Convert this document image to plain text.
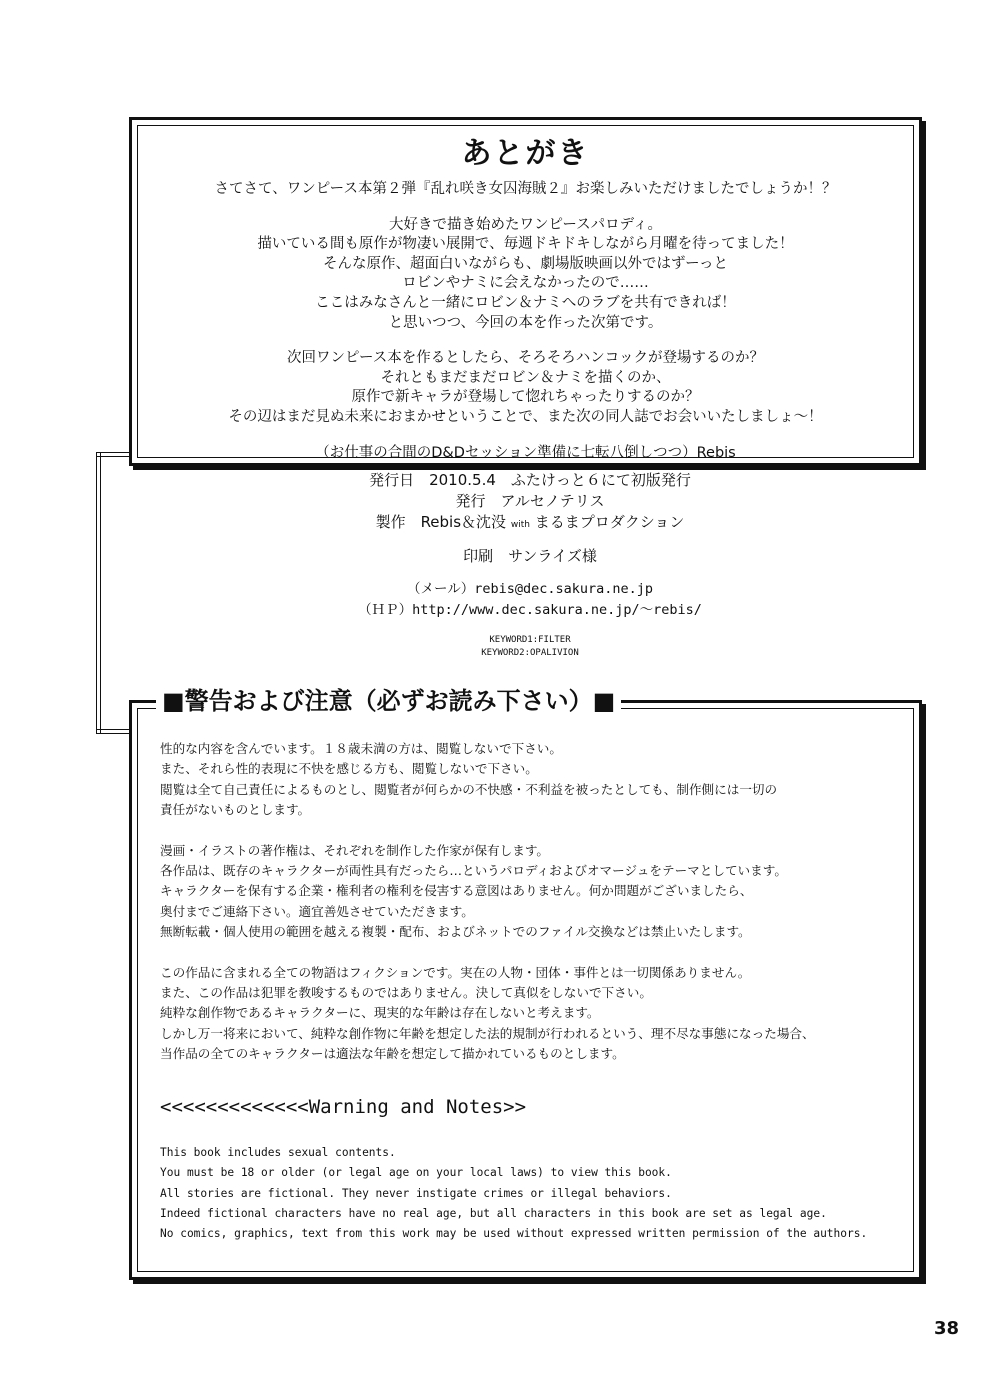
あとがき
さてさて、ワンピース本第２弾『乱れ咲き女囚海賊２』お楽しみいただけましたでしょうか！？
大好きで描き始めたワンピースパロディ。
描いている間も原作が物凄い展開で、毎週ドキドキしながら月曜を待ってました！
そんな原作、超面白いながらも、劇場版映画以外ではずーっと
ロビンやナミに会えなかったので……
ここはみなさんと一緒にロビン＆ナミへのラブを共有できれば！
と思いつつ、今回の本を作った次第です。
次回ワンピース本を作るとしたら、そろそろハンコックが登場するのか？
それともまだまだロビン＆ナミを描くのか、
原作で新キャラが登場して惚れちゃったりするのか？
その辺はまだ見ぬ未来におまかせということで、また次の同人誌でお会いいたしましょ～！
（お仕事の合間のD&Dセッション準備に七転八倒しつつ）Rebis
発行日　2010.5.4　ふたけっと６にて初版発行
発行　アルセノテリス
製作　Rebis＆沈没 with まるまプロダクション
印刷　サンライズ様
（メール）rebis@dec.sakura.ne.jp
（ＨＰ）http://www.dec.sakura.ne.jp/～rebis/
KEYWORD1:FILTER
KEYWORD2:OPALIVION
■警告および注意（必ずお読み下さい）■
性的な内容を含んでいます。１８歳未満の方は、閲覧しないで下さい。
また、それら性的表現に不快を感じる方も、閲覧しないで下さい。
閲覧は全て自己責任によるものとし、閲覧者が何らかの不快感・不利益を被ったとしても、制作側には一切の
責任がないものとします。
漫画・イラストの著作権は、それぞれを制作した作家が保有します。
各作品は、既存のキャラクターが両性具有だったら…というパロディおよびオマージュをテーマとしています。
キャラクターを保有する企業・権利者の権利を侵害する意図はありません。何か問題がございましたら、
奥付までご連絡下さい。適宜善処させていただきます。
無断転載・個人使用の範囲を越える複製・配布、およびネットでのファイル交換などは禁止いたします。
この作品に含まれる全ての物語はフィクションです。実在の人物・団体・事件とは一切関係ありません。
また、この作品は犯罪を教唆するものではありません。決して真似をしないで下さい。
純粋な創作物であるキャラクターに、現実的な年齢は存在しないと考えます。
しかし万一将来において、純粋な創作物に年齢を想定した法的規制が行われるという、理不尽な事態になった場合、
当作品の全てのキャラクターは適法な年齢を想定して描かれているものとします。
<<<<<<<<<<<<<Warning and Notes>>
This book includes sexual contents.
You must be 18 or older (or legal age on your local laws) to view this book.
All stories are fictional. They never instigate crimes or illegal behaviors.
Indeed fictional characters have no real age, but all characters in this book are set as legal age.
No comics, graphics, text from this work may be used without expressed written permission of the authors.
38
